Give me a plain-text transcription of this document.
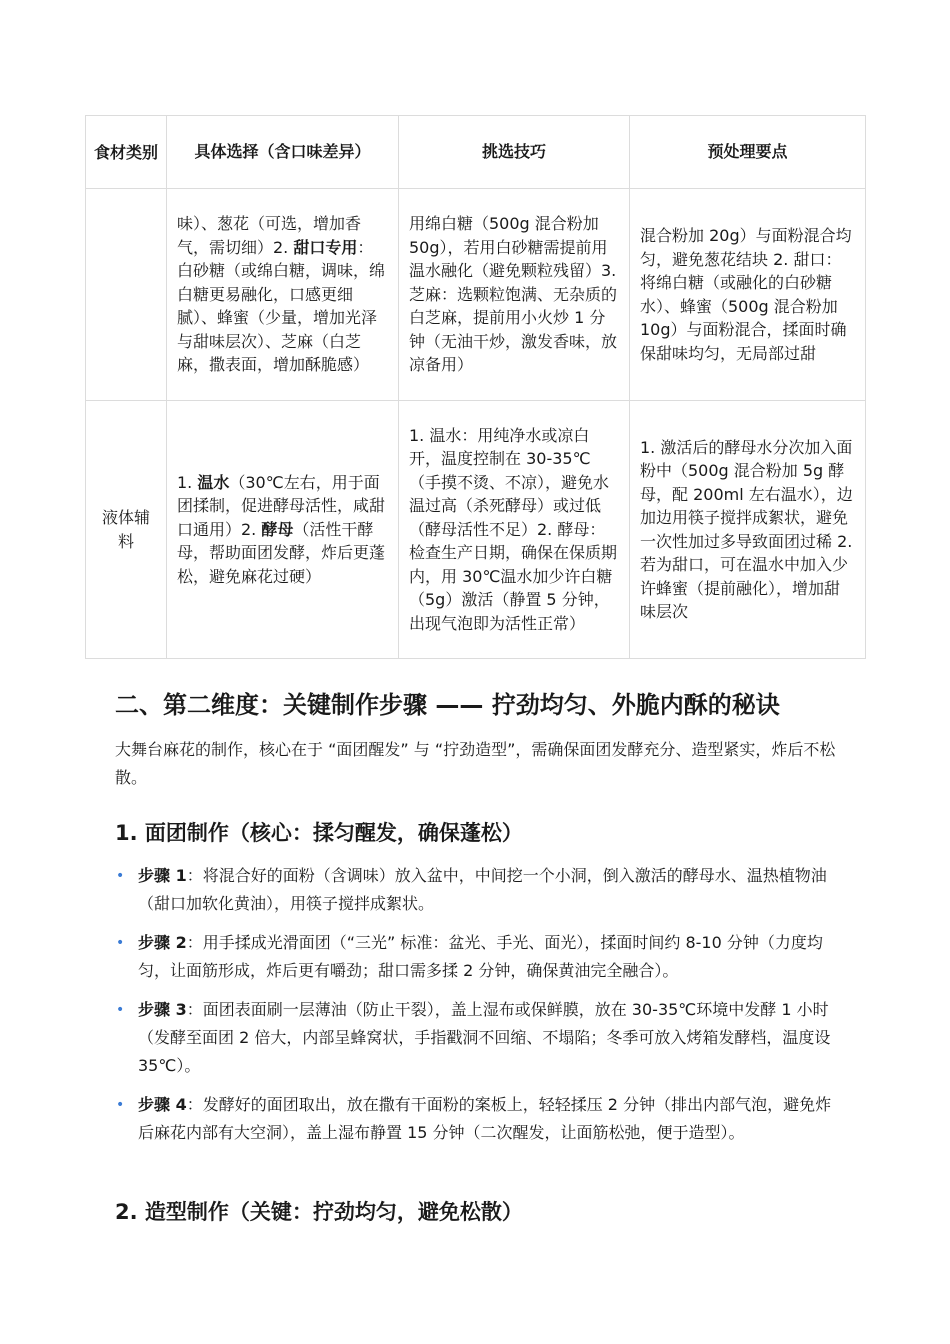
食材类别	具体选择（含口味差异）	挑选技巧	预处理要点
	味）、葱花（可选，增加香气，需切细）2. 甜口专用：白砂糖（或绵白糖，调味，绵白糖更易融化，口感更细腻）、蜂蜜（少量，增加光泽与甜味层次）、芝麻（白芝麻，撒表面，增加酥脆感）	用绵白糖（500g 混合粉加 50g），若用白砂糖需提前用温水融化（避免颗粒残留）3. 芝麻：选颗粒饱满、无杂质的白芝麻，提前用小火炒 1 分钟（无油干炒，激发香味，放凉备用）	混合粉加 20g）与面粉混合均匀，避免葱花结块 2. 甜口：将绵白糖（或融化的白砂糖水）、蜂蜜（500g 混合粉加 10g）与面粉混合，揉面时确保甜味均匀，无局部过甜
液体辅料	1. 温水（30℃左右，用于面团揉制，促进酵母活性，咸甜口通用）2. 酵母（活性干酵母，帮助面团发酵，炸后更蓬松，避免麻花过硬）	1. 温水：用纯净水或凉白开，温度控制在 30-35℃（手摸不烫、不凉），避免水温过高（杀死酵母）或过低（酵母活性不足）2. 酵母：检查生产日期，确保在保质期内，用 30℃温水加少许白糖（5g）激活（静置 5 分钟，出现气泡即为活性正常）	1. 激活后的酵母水分次加入面粉中（500g 混合粉加 5g 酵母，配 200ml 左右温水），边加边用筷子搅拌成絮状，避免一次性加过多导致面团过稀 2. 若为甜口，可在温水中加入少许蜂蜜（提前融化），增加甜味层次
二、第二维度：关键制作步骤 —— 拧劲均匀、外脆内酥的秘诀

大舞台麻花的制作，核心在于 “面团醒发” 与 “拧劲造型”，需确保面团发酵充分、造型紧实，炸后不松散。

1. 面团制作（核心：揉匀醒发，确保蓬松）
• 步骤 1：将混合好的面粉（含调味）放入盆中，中间挖一个小洞，倒入激活的酵母水、温热植物油（甜口加软化黄油），用筷子搅拌成絮状。
• 步骤 2：用手揉成光滑面团（“三光” 标准：盆光、手光、面光），揉面时间约 8-10 分钟（力度均匀，让面筋形成，炸后更有嚼劲；甜口需多揉 2 分钟，确保黄油完全融合）。
• 步骤 3：面团表面刷一层薄油（防止干裂），盖上湿布或保鲜膜，放在 30-35℃环境中发酵 1 小时（发酵至面团 2 倍大，内部呈蜂窝状，手指戳洞不回缩、不塌陷；冬季可放入烤箱发酵档，温度设 35℃）。
• 步骤 4：发酵好的面团取出，放在撒有干面粉的案板上，轻轻揉压 2 分钟（排出内部气泡，避免炸后麻花内部有大空洞），盖上湿布静置 15 分钟（二次醒发，让面筋松弛，便于造型）。
2. 造型制作（关键：拧劲均匀，避免松散）
